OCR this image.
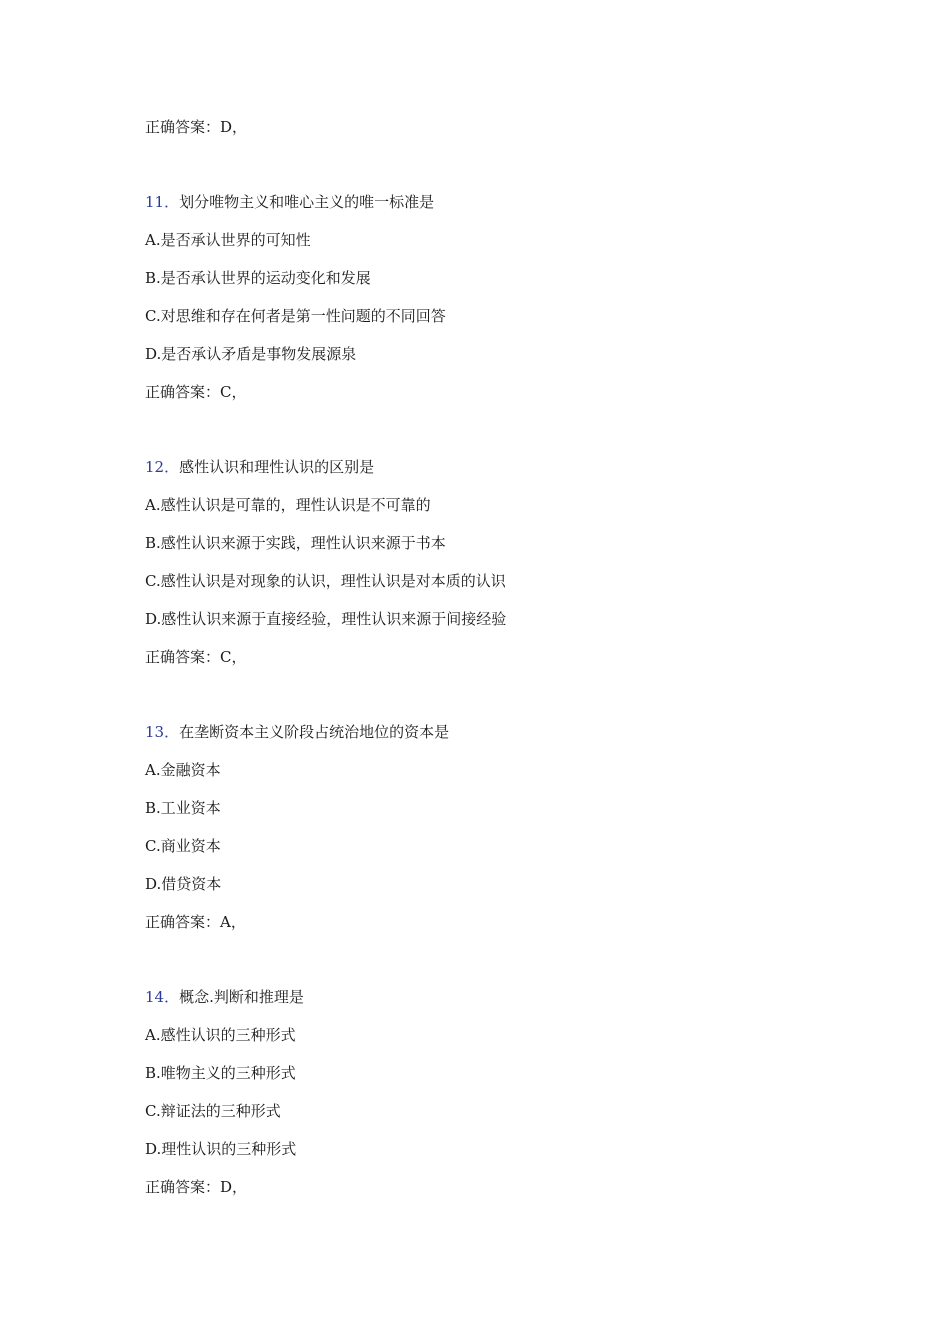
正确答案：D，
11．划分唯物主义和唯心主义的唯一标准是
A.是否承认世界的可知性
B.是否承认世界的运动变化和发展
C.对思维和存在何者是第一性问题的不同回答
D.是否承认矛盾是事物发展源泉
正确答案：C，
12．感性认识和理性认识的区别是
A.感性认识是可靠的，理性认识是不可靠的
B.感性认识来源于实践，理性认识来源于书本
C.感性认识是对现象的认识，理性认识是对本质的认识
D.感性认识来源于直接经验，理性认识来源于间接经验
正确答案：C，
13．在垄断资本主义阶段占统治地位的资本是
A.金融资本
B.工业资本
C.商业资本
D.借贷资本
正确答案：A，
14．概念.判断和推理是
A.感性认识的三种形式
B.唯物主义的三种形式
C.辩证法的三种形式
D.理性认识的三种形式
正确答案：D，
